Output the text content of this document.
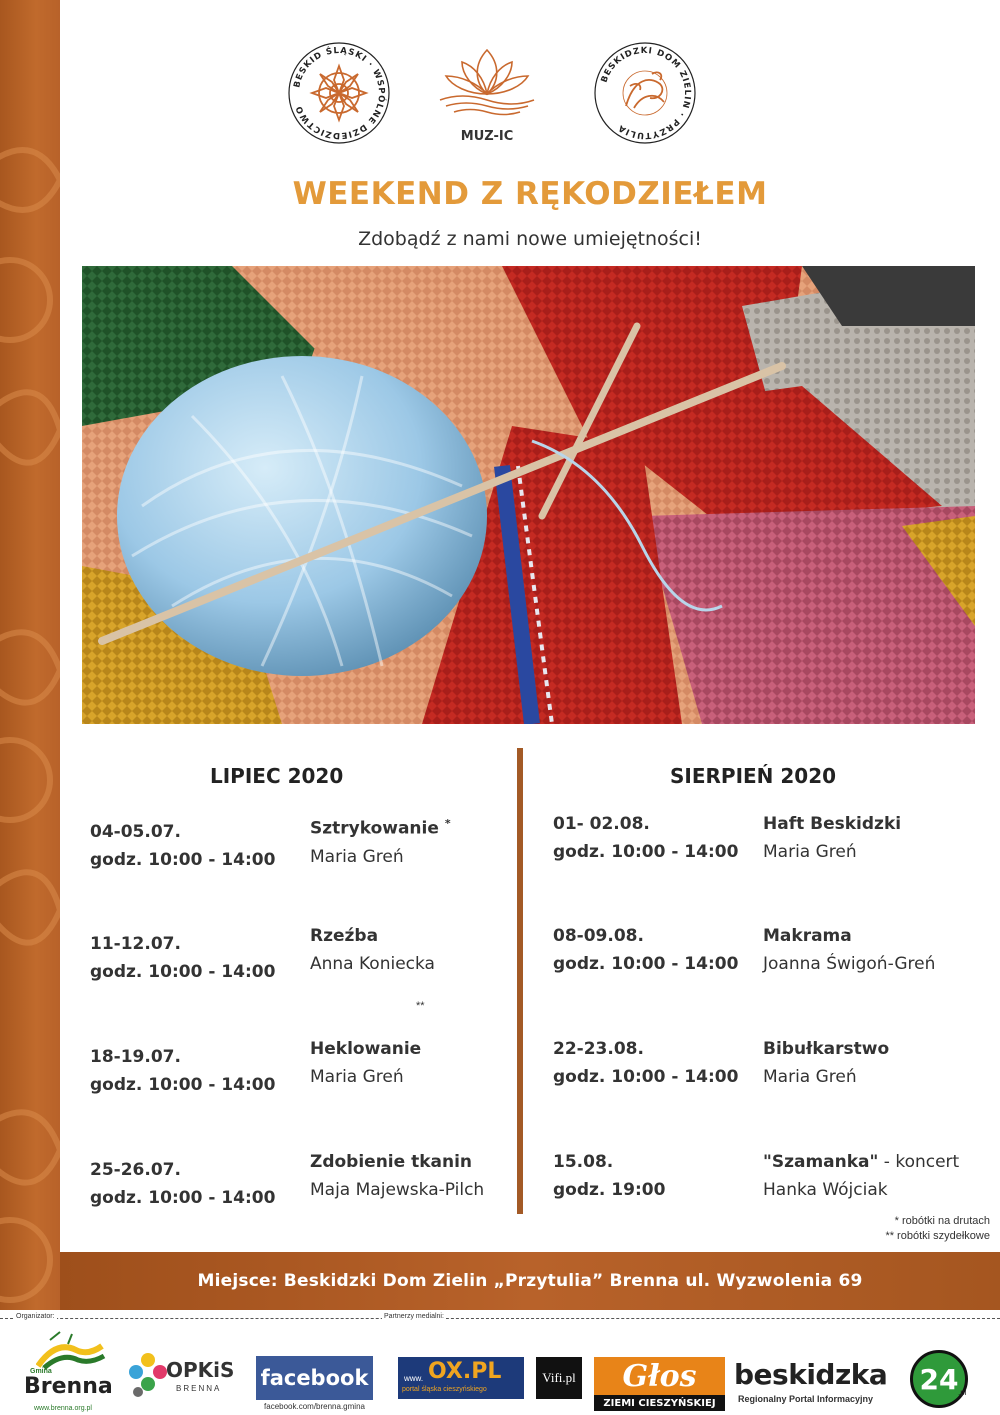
BESKID ŚLĄSKI · WSPÓLNE DZIEDZICTWO
MUZ-IC
BESKIDZKI DOM ZIELIN · PRZYTULIA
WEEKEND Z RĘKODZIEŁEM
Zdobądź z nami nowe umiejętności!
LIPIEC 2020	SIERPIEŃ 2020
04-05.07.
godz. 10:00 - 14:00
Sztrykowanie *
Maria Greń
11-12.07.
godz. 10:00 - 14:00
Rzeźba
Anna Koniecka
**
18-19.07.
godz. 10:00 - 14:00
Heklowanie
Maria Greń
25-26.07.
godz. 10:00 - 14:00
Zdobienie tkanin
Maja Majewska-Pilch
01- 02.08.
godz. 10:00 - 14:00
Haft Beskidzki
Maria Greń
08-09.08.
godz. 10:00 - 14:00
Makrama
Joanna Świgoń-Greń
22-23.08.
godz. 10:00 - 14:00
Bibułkarstwo
Maria Greń
15.08.
godz. 19:00
"Szamanka" - koncert
Hanka Wójciak
* robótki na drutach
** robótki szydełkowe
Miejsce: Beskidzki Dom Zielin „Przytulia” Brenna ul. Wyzwolenia 69
Organizator:	Partnerzy medialni:
Gmina
Brenna
www.brenna.org.pl
OPKiS
BRENNA facebook
facebook.com/brenna.gmina
www. OX.PL
portal śląska cieszyńskiego
Vifi.pl	Głos
ZIEMI CIESZYŃSKIEJ
beskidzka
Regionalny Portal Informacyjny
24 .pl
